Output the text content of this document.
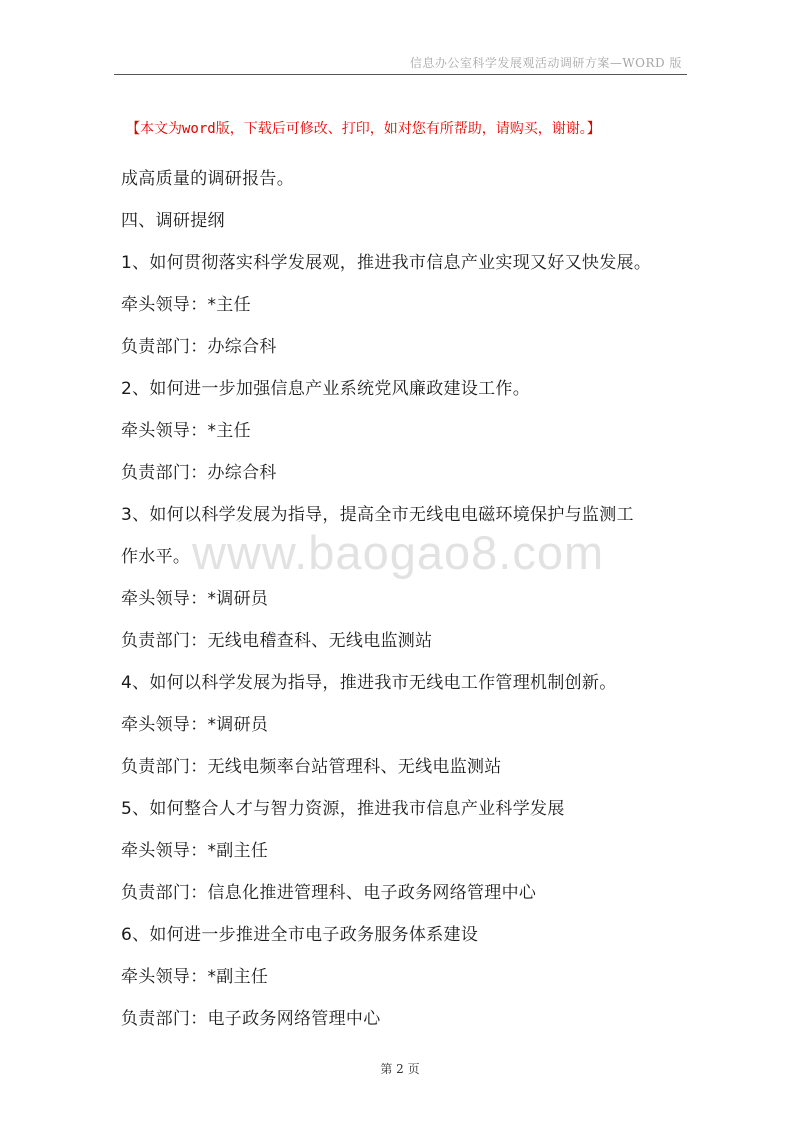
信息办公室科学发展观活动调研方案—WORD 版
【本文为word版，下载后可修改、打印，如对您有所帮助，请购买，谢谢。】
www.baogao8.com

成高质量的调研报告。

四、调研提纲

1、如何贯彻落实科学发展观，推进我市信息产业实现又好又快发展。

牵头领导：*主任

负责部门：办综合科

2、如何进一步加强信息产业系统党风廉政建设工作。

牵头领导：*主任

负责部门：办综合科

3、如何以科学发展为指导，提高全市无线电电磁环境保护与监测工

作水平。

牵头领导：*调研员

负责部门：无线电稽查科、无线电监测站

4、如何以科学发展为指导，推进我市无线电工作管理机制创新。

牵头领导：*调研员

负责部门：无线电频率台站管理科、无线电监测站

5、如何整合人才与智力资源，推进我市信息产业科学发展

牵头领导：*副主任

负责部门：信息化推进管理科、电子政务网络管理中心

6、如何进一步推进全市电子政务服务体系建设

牵头领导：*副主任

负责部门：电子政务网络管理中心

第 2 页
